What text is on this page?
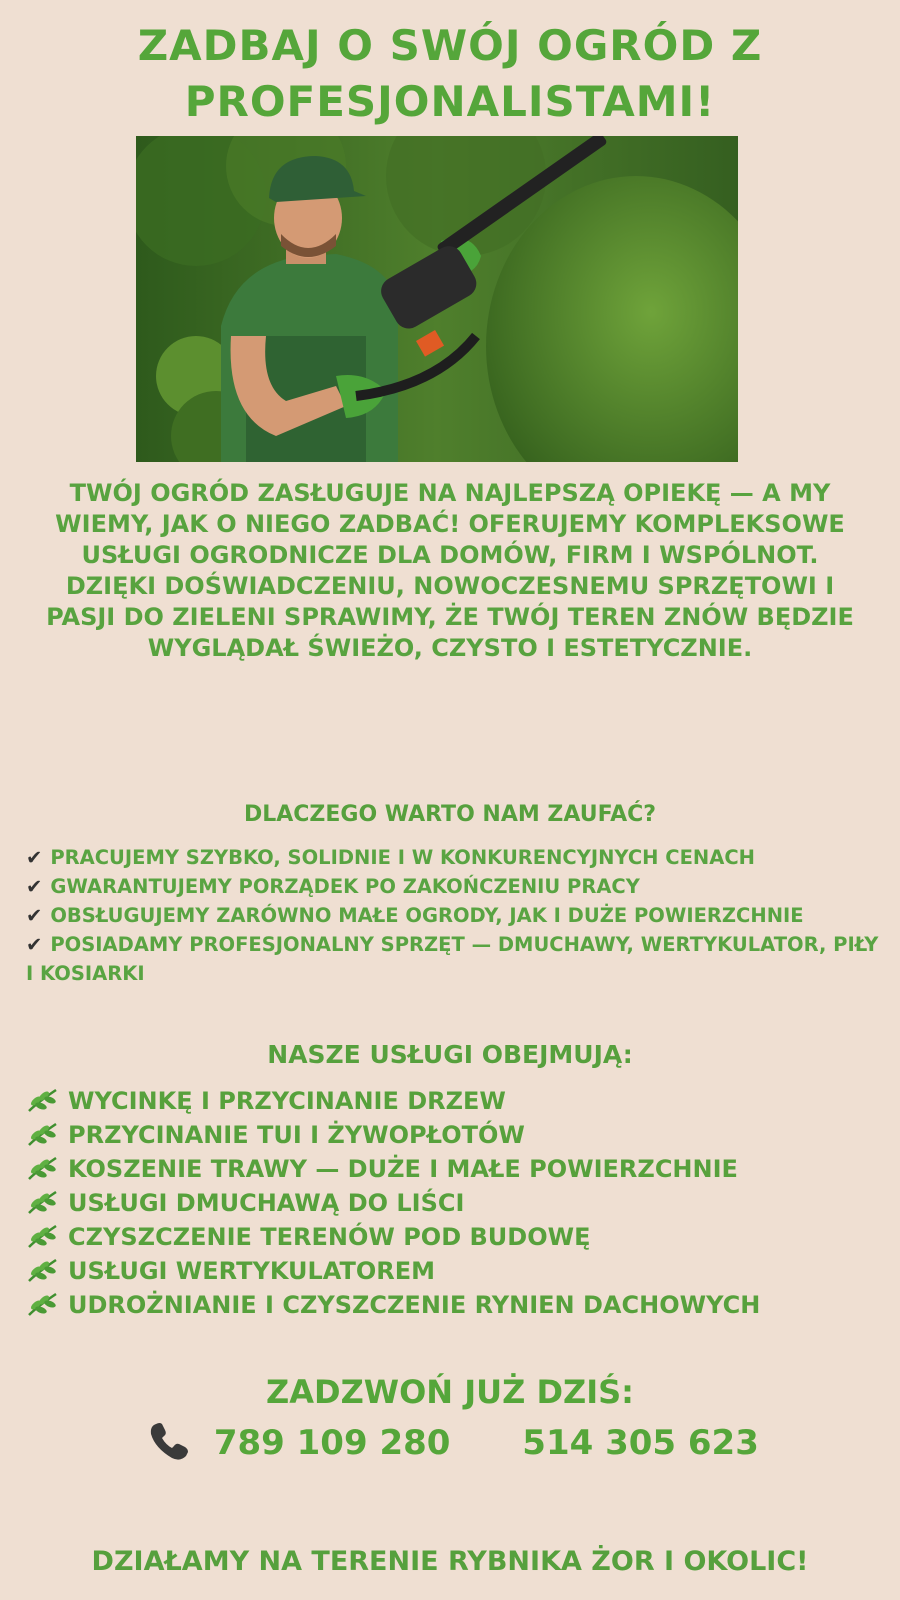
ZADBAJ O SWÓJ OGRÓD Z
PROFESJONALISTAMI!

TWÓJ OGRÓD ZASŁUGUJE NA NAJLEPSZĄ OPIEKĘ — A MY WIEMY, JAK O NIEGO ZADBAĆ! OFERUJEMY KOMPLEKSOWE USŁUGI OGRODNICZE DLA DOMÓW, FIRM I WSPÓLNOT.

DZIĘKI DOŚWIADCZENIU, NOWOCZESNEMU SPRZĘTOWI I PASJI DO ZIELENI SPRAWIMY, ŻE TWÓJ TEREN ZNÓW BĘDZIE WYGLĄDAŁ ŚWIEŻO, CZYSTO I ESTETYCZNIE.

DLACZEGO WARTO NAM ZAUFAĆ?
✔ PRACUJEMY SZYBKO, SOLIDNIE I W KONKURENCYJNYCH CENACH
✔ GWARANTUJEMY PORZĄDEK PO ZAKOŃCZENIU PRACY
✔ OBSŁUGUJEMY ZARÓWNO MAŁE OGRODY, JAK I DUŻE POWIERZCHNIE
✔ POSIADAMY PROFESJONALNY SPRZĘT — DMUCHAWY, WERTYKULATOR, PIŁY I KOSIARKI
NASZE USŁUGI OBEJMUJĄ:
WYCINKĘ I PRZYCINANIE DRZEW
PRZYCINANIE TUI I ŻYWOPŁOTÓW
KOSZENIE TRAWY — DUŻE I MAŁE POWIERZCHNIE
USŁUGI DMUCHAWĄ DO LIŚCI
CZYSZCZENIE TERENÓW POD BUDOWĘ
USŁUGI WERTYKULATOREM
UDROŻNIANIE I CZYSZCZENIE RYNIEN DACHOWYCH
ZADZWOŃ JUŻ DZIŚ:
789 109 280 514 305 623
DZIAŁAMY NA TERENIE RYBNIKA ŻOR I OKOLIC!
